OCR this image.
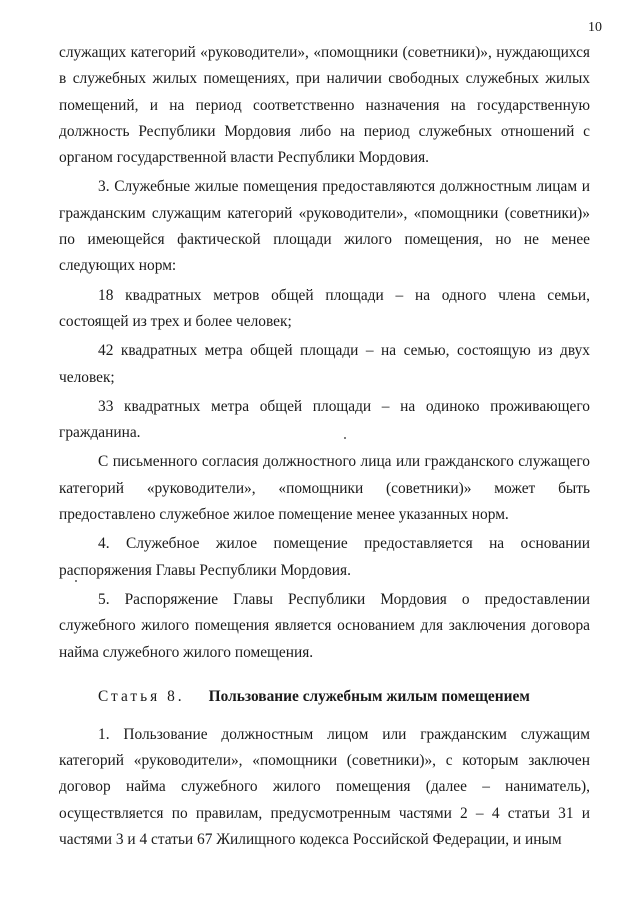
10

служащих категорий «руководители», «помощники (советники)», нуждающихся в служебных жилых помещениях, при наличии свободных служебных жилых помещений, и на период соответственно назначения на государственную должность Республики Мордовия либо на период служебных отношений с органом государственной власти Республики Мордовия.

3. Служебные жилые помещения предоставляются должностным лицам и гражданским служащим категорий «руководители», «помощники (советники)» по имеющейся фактической площади жилого помещения, но не менее следующих норм:

18 квадратных метров общей площади – на одного члена семьи, состоящей из трех и более человек;

42 квадратных метра общей площади – на семью, состоящую из двух человек;

33 квадратных метра общей площади – на одиноко проживающего гражданина.

С письменного согласия должностного лица или гражданского служащего категорий «руководители», «помощники (советники)» может быть предоставлено служебное жилое помещение менее указанных норм.

4. Служебное жилое помещение предоставляется на основании распоряжения Главы Республики Мордовия.

5. Распоряжение Главы Республики Мордовия о предоставлении служебного жилого помещения является основанием для заключения договора найма служебного жилого помещения.

Статья 8. Пользование служебным жилым помещением

1. Пользование должностным лицом или гражданским служащим категорий «руководители», «помощники (советники)», с которым заключен договор найма служебного жилого помещения (далее – наниматель), осуществляется по правилам, предусмотренным частями 2 – 4 статьи 31 и частями 3 и 4 статьи 67 Жилищного кодекса Российской Федерации, и иным
